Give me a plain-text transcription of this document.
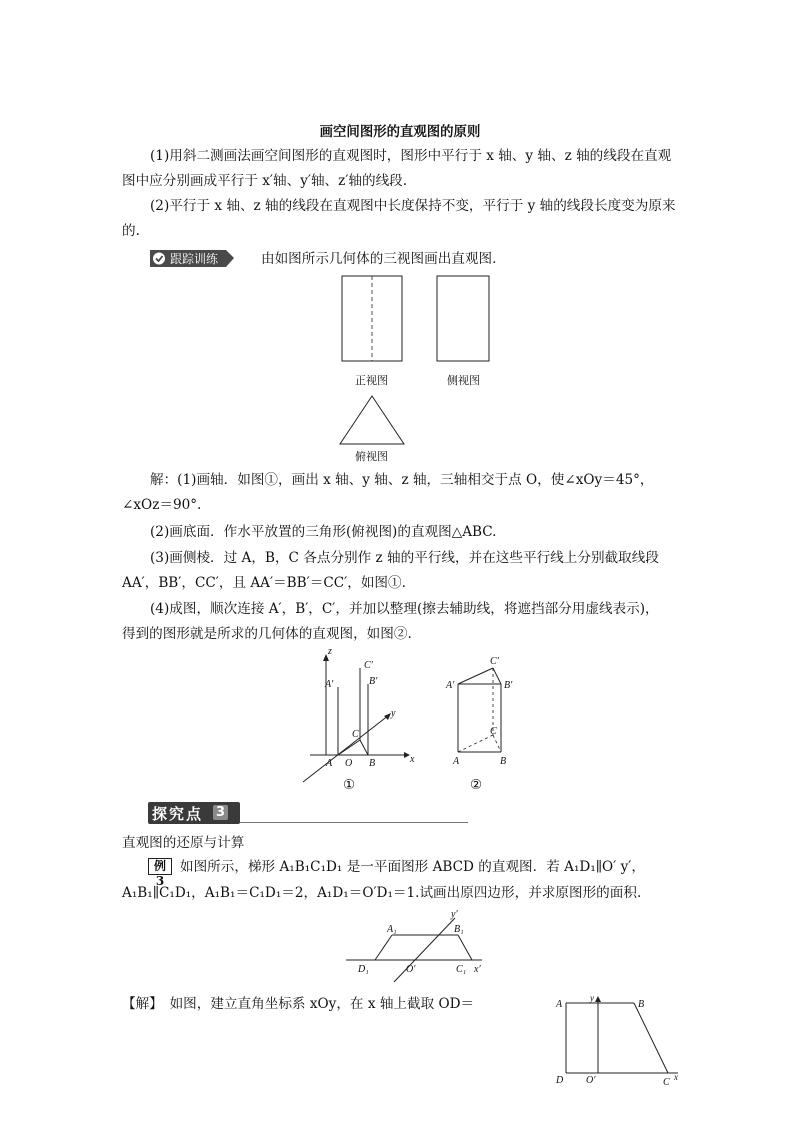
画空间图形的直观图的原则
(1)用斜二测画法画空间图形的直观图时，图形中平行于 x 轴、y 轴、z 轴的线段在直观
图中应分别画成平行于 x′轴、y′轴、z′轴的线段.
(2)平行于 x 轴、z 轴的线段在直观图中长度保持不变，平行于 y 轴的线段长度变为原来
的.
跟踪训练	由如图所示几何体的三视图画出直观图.
正视图	侧视图
俯视图
解：(1)画轴．如图①，画出 x 轴、y 轴、z 轴，三轴相交于点 O，使∠xOy＝45°，
∠xOz＝90°.
(2)画底面．作水平放置的三角形(俯视图)的直观图△ABC.
(3)画侧棱．过 A，B，C 各点分别作 z 轴的平行线，并在这些平行线上分别截取线段
AA′，BB′，CC′，且 AA′＝BB′＝CC′，如图①.
(4)成图，顺次连接 A′，B′，C′，并加以整理(擦去辅助线，将遮挡部分用虚线表示)，
得到的图形就是所求的几何体的直观图，如图②.
z
y
x
O
A	B
C
A′	B′
C′	C′
A′	B′
C
A	B
①	②
探究点 3
直观图的还原与计算
例 3
如图所示，梯形 A₁B₁C₁D₁ 是一平面图形 ABCD 的直观图．若 A₁D₁∥O′ y′，
A₁B₁∥C₁D₁，A₁B₁＝C₁D₁＝2，A₁D₁＝O′D₁＝1.试画出原四边形，并求原图形的面积.
A₁	B₁
D₁	O′	C₁ x′
y′
【解】　如图，建立直角坐标系 xOy，在 x 轴上截取 OD＝	A	B
C
D O′	x
y
